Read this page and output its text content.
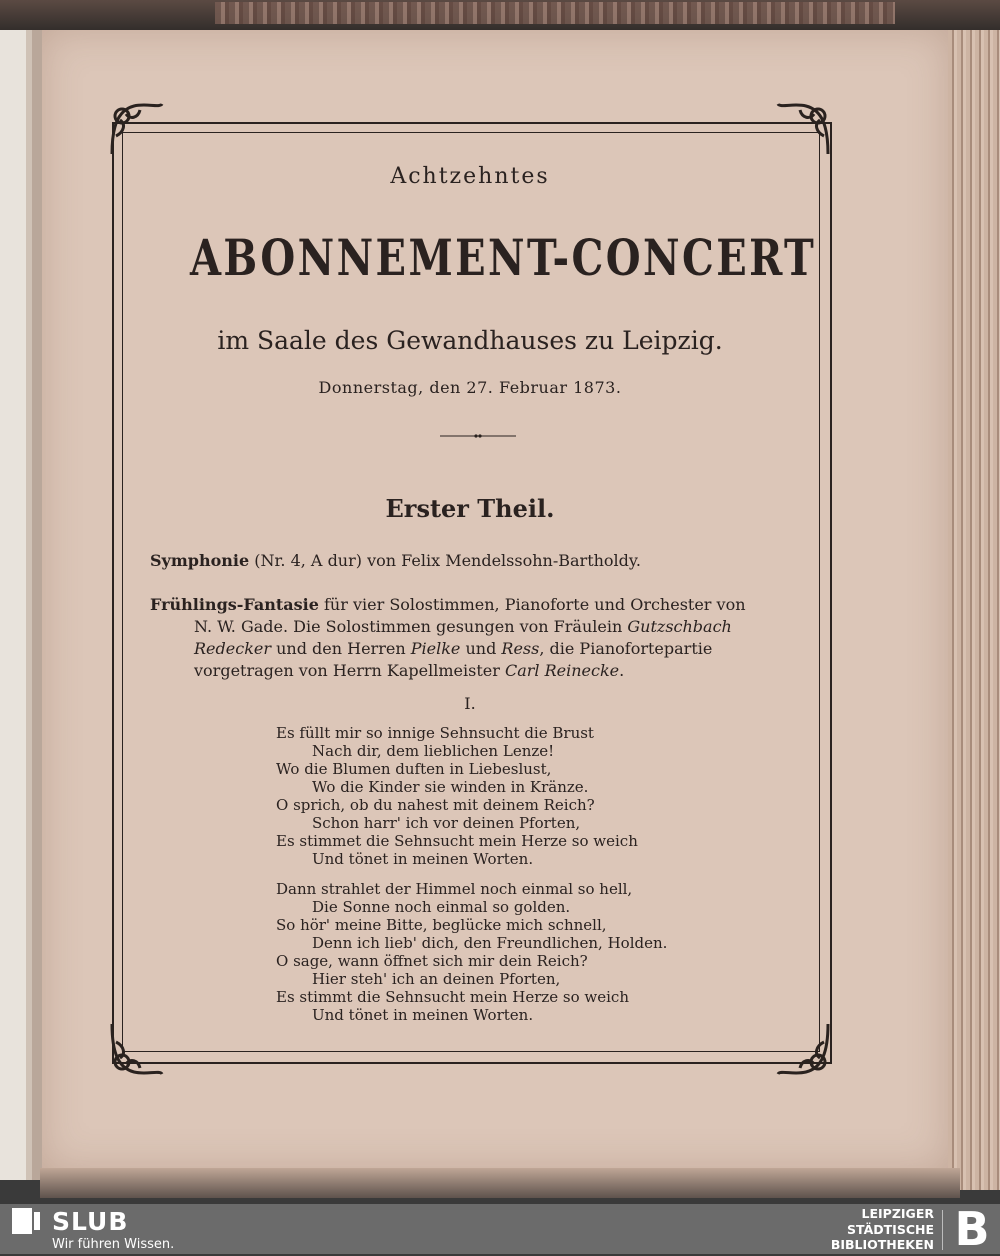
Achtzehntes
ABONNEMENT-CONCERT
im Saale des Gewandhauses zu Leipzig.
Donnerstag, den 27. Februar 1873.
Erster Theil.
Symphonie (Nr. 4, A dur) von Felix Mendelssohn-Bartholdy.
Frühlings-Fantasie für vier Solostimmen, Pianoforte und Orchester von
N. W. Gade. Die Solostimmen gesungen von Fräulein Gutzschbach
Redecker und den Herren Pielke und Ress, die Pianofortepartie
vorgetragen von Herrn Kapellmeister Carl Reinecke.
I.
Es füllt mir so innige Sehnsucht die Brust
Nach dir, dem lieblichen Lenze!
Wo die Blumen duften in Liebeslust,
Wo die Kinder sie winden in Kränze.
O sprich, ob du nahest mit deinem Reich?
Schon harr' ich vor deinen Pforten,
Es stimmet die Sehnsucht mein Herze so weich
Und tönet in meinen Worten.
Dann strahlet der Himmel noch einmal so hell,
Die Sonne noch einmal so golden.
So hör' meine Bitte, beglücke mich schnell,
Denn ich lieb' dich, den Freundlichen, Holden.
O sage, wann öffnet sich mir dein Reich?
Hier steh' ich an deinen Pforten,
Es stimmt die Sehnsucht mein Herze so weich
Und tönet in meinen Worten.
SLUB
Wir führen Wissen.
LEIPZIGER
STÄDTISCHE
BIBLIOTHEKEN B
